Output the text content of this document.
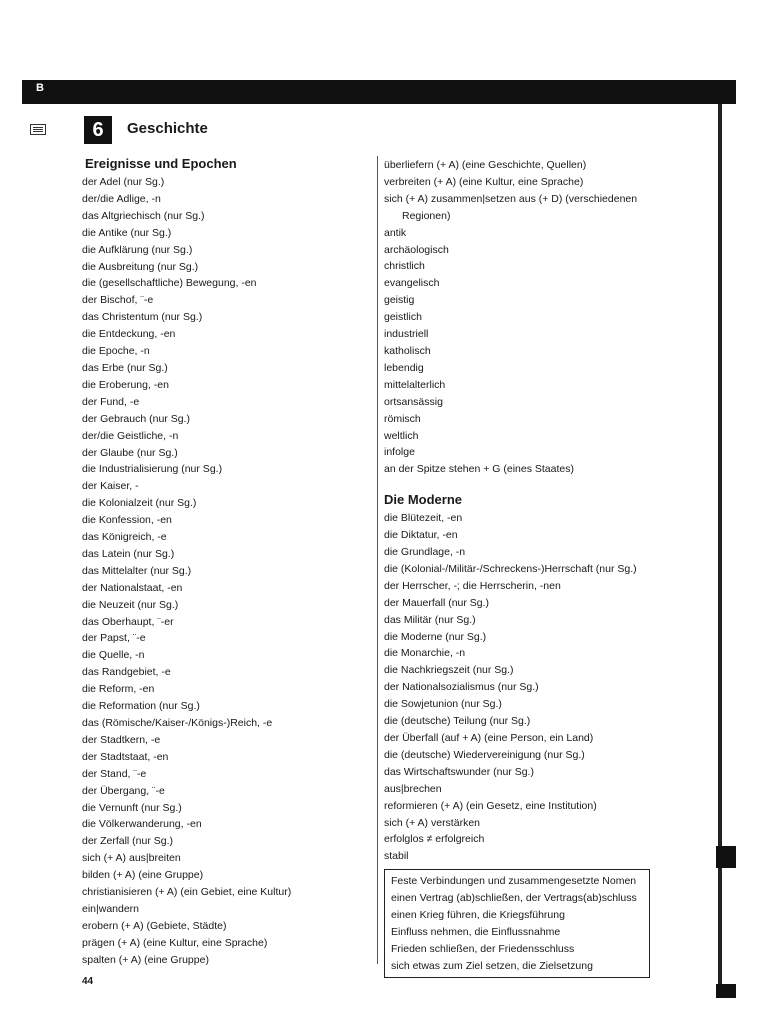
B
6	Geschichte
Ereignisse und Epochen
der Adel (nur Sg.)
der/die Adlige, -n
das Altgriechisch (nur Sg.)
die Antike (nur Sg.)
die Aufklärung (nur Sg.)
die Ausbreitung (nur Sg.)
die (gesellschaftliche) Bewegung, -en
der Bischof, ¨-e
das Christentum (nur Sg.)
die Entdeckung, -en
die Epoche, -n
das Erbe (nur Sg.)
die Eroberung, -en
der Fund, -e
der Gebrauch (nur Sg.)
der/die Geistliche, -n
der Glaube (nur Sg.)
die Industrialisierung (nur Sg.)
der Kaiser, -
die Kolonialzeit (nur Sg.)
die Konfession, -en
das Königreich, -e
das Latein (nur Sg.)
das Mittelalter (nur Sg.)
der Nationalstaat, -en
die Neuzeit (nur Sg.)
das Oberhaupt, ¨-er
der Papst, ¨-e
die Quelle, -n
das Randgebiet, -e
die Reform, -en
die Reformation (nur Sg.)
das (Römische/Kaiser-/Königs-)Reich, -e
der Stadtkern, -e
der Stadtstaat, -en
der Stand, ¨-e
der Übergang, ¨-e
die Vernunft (nur Sg.)
die Völkerwanderung, -en
der Zerfall (nur Sg.)
sich (+ A) aus|breiten
bilden (+ A) (eine Gruppe)
christianisieren (+ A) (ein Gebiet, eine Kultur)
ein|wandern
erobern (+ A) (Gebiete, Städte)
prägen (+ A) (eine Kultur, eine Sprache)
spalten (+ A) (eine Gruppe)
überliefern (+ A) (eine Geschichte, Quellen)
verbreiten (+ A) (eine Kultur, eine Sprache)
sich (+ A) zusammen|setzen aus (+ D) (verschiedenen
Regionen)
antik
archäologisch
christlich
evangelisch
geistig
geistlich
industriell
katholisch
lebendig
mittelalterlich
ortsansässig
römisch
weltlich
infolge
an der Spitze stehen + G (eines Staates)
Die Moderne
die Blütezeit, -en
die Diktatur, -en
die Grundlage, -n
die (Kolonial-/Militär-/Schreckens-)Herrschaft (nur Sg.)
der Herrscher, -; die Herrscherin, -nen
der Mauerfall (nur Sg.)
das Militär (nur Sg.)
die Moderne (nur Sg.)
die Monarchie, -n
die Nachkriegszeit (nur Sg.)
der Nationalsozialismus (nur Sg.)
die Sowjetunion (nur Sg.)
die (deutsche) Teilung (nur Sg.)
der Überfall (auf + A) (eine Person, ein Land)
die (deutsche) Wiedervereinigung (nur Sg.)
das Wirtschaftswunder (nur Sg.)
aus|brechen
reformieren (+ A) (ein Gesetz, eine Institution)
sich (+ A) verstärken
erfolglos ≠ erfolgreich
stabil
Feste Verbindungen und zusammengesetzte Nomen
einen Vertrag (ab)schließen, der Vertrags(ab)schluss
einen Krieg führen, die Kriegsführung
Einfluss nehmen, die Einflussnahme
Frieden schließen, der Friedensschluss
sich etwas zum Ziel setzen, die Zielsetzung
44
